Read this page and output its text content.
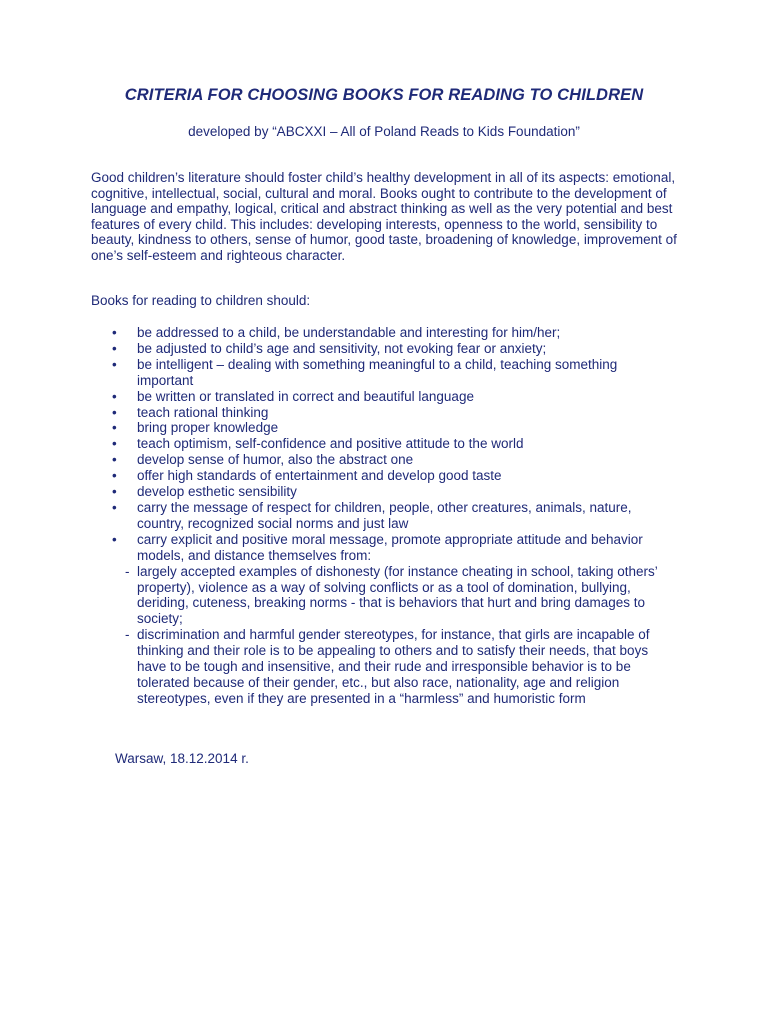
CRITERIA FOR CHOOSING BOOKS FOR READING TO CHILDREN
developed by “ABCXXI – All of Poland Reads to Kids Foundation”

Good children’s literature should foster child’s healthy development in all of its aspects: emotional, cognitive, intellectual, social, cultural and moral. Books ought to contribute to the development of language and empathy, logical, critical and abstract thinking as well as the very potential and best features of every child. This includes: developing interests, openness to the world, sensibility to beauty, kindness to others, sense of humor, good taste, broadening of knowledge, improvement of one’s self-esteem and righteous character.

Books for reading to children should:

• be addressed to a child, be understandable and interesting for him/her;
• be adjusted to child’s age and sensitivity, not evoking fear or anxiety;
• be intelligent – dealing with something meaningful to a child, teaching something important
• be written or translated in correct and beautiful language
• teach rational thinking
• bring proper knowledge
• teach optimism, self-confidence and positive attitude to the world
• develop sense of humor, also the abstract one
• offer high standards of entertainment and develop good taste
• develop esthetic sensibility
• carry the message of respect for children, people, other creatures, animals, nature, country, recognized social norms and just law
• carry explicit and positive moral message, promote appropriate attitude and behavior models, and distance themselves from:
- largely accepted examples of dishonesty (for instance cheating in school, taking others’ property), violence as a way of solving conflicts or as a tool of domination, bullying, deriding, cuteness, breaking norms - that is behaviors that hurt and bring damages to society;
- discrimination and harmful gender stereotypes, for instance, that girls are incapable of thinking and their role is to be appealing to others and to satisfy their needs, that boys have to be tough and insensitive, and their rude and irresponsible behavior is to be tolerated because of their gender, etc., but also race, nationality, age and religion stereotypes, even if they are presented in a “harmless” and humoristic form
Warsaw, 18.12.2014 r.
